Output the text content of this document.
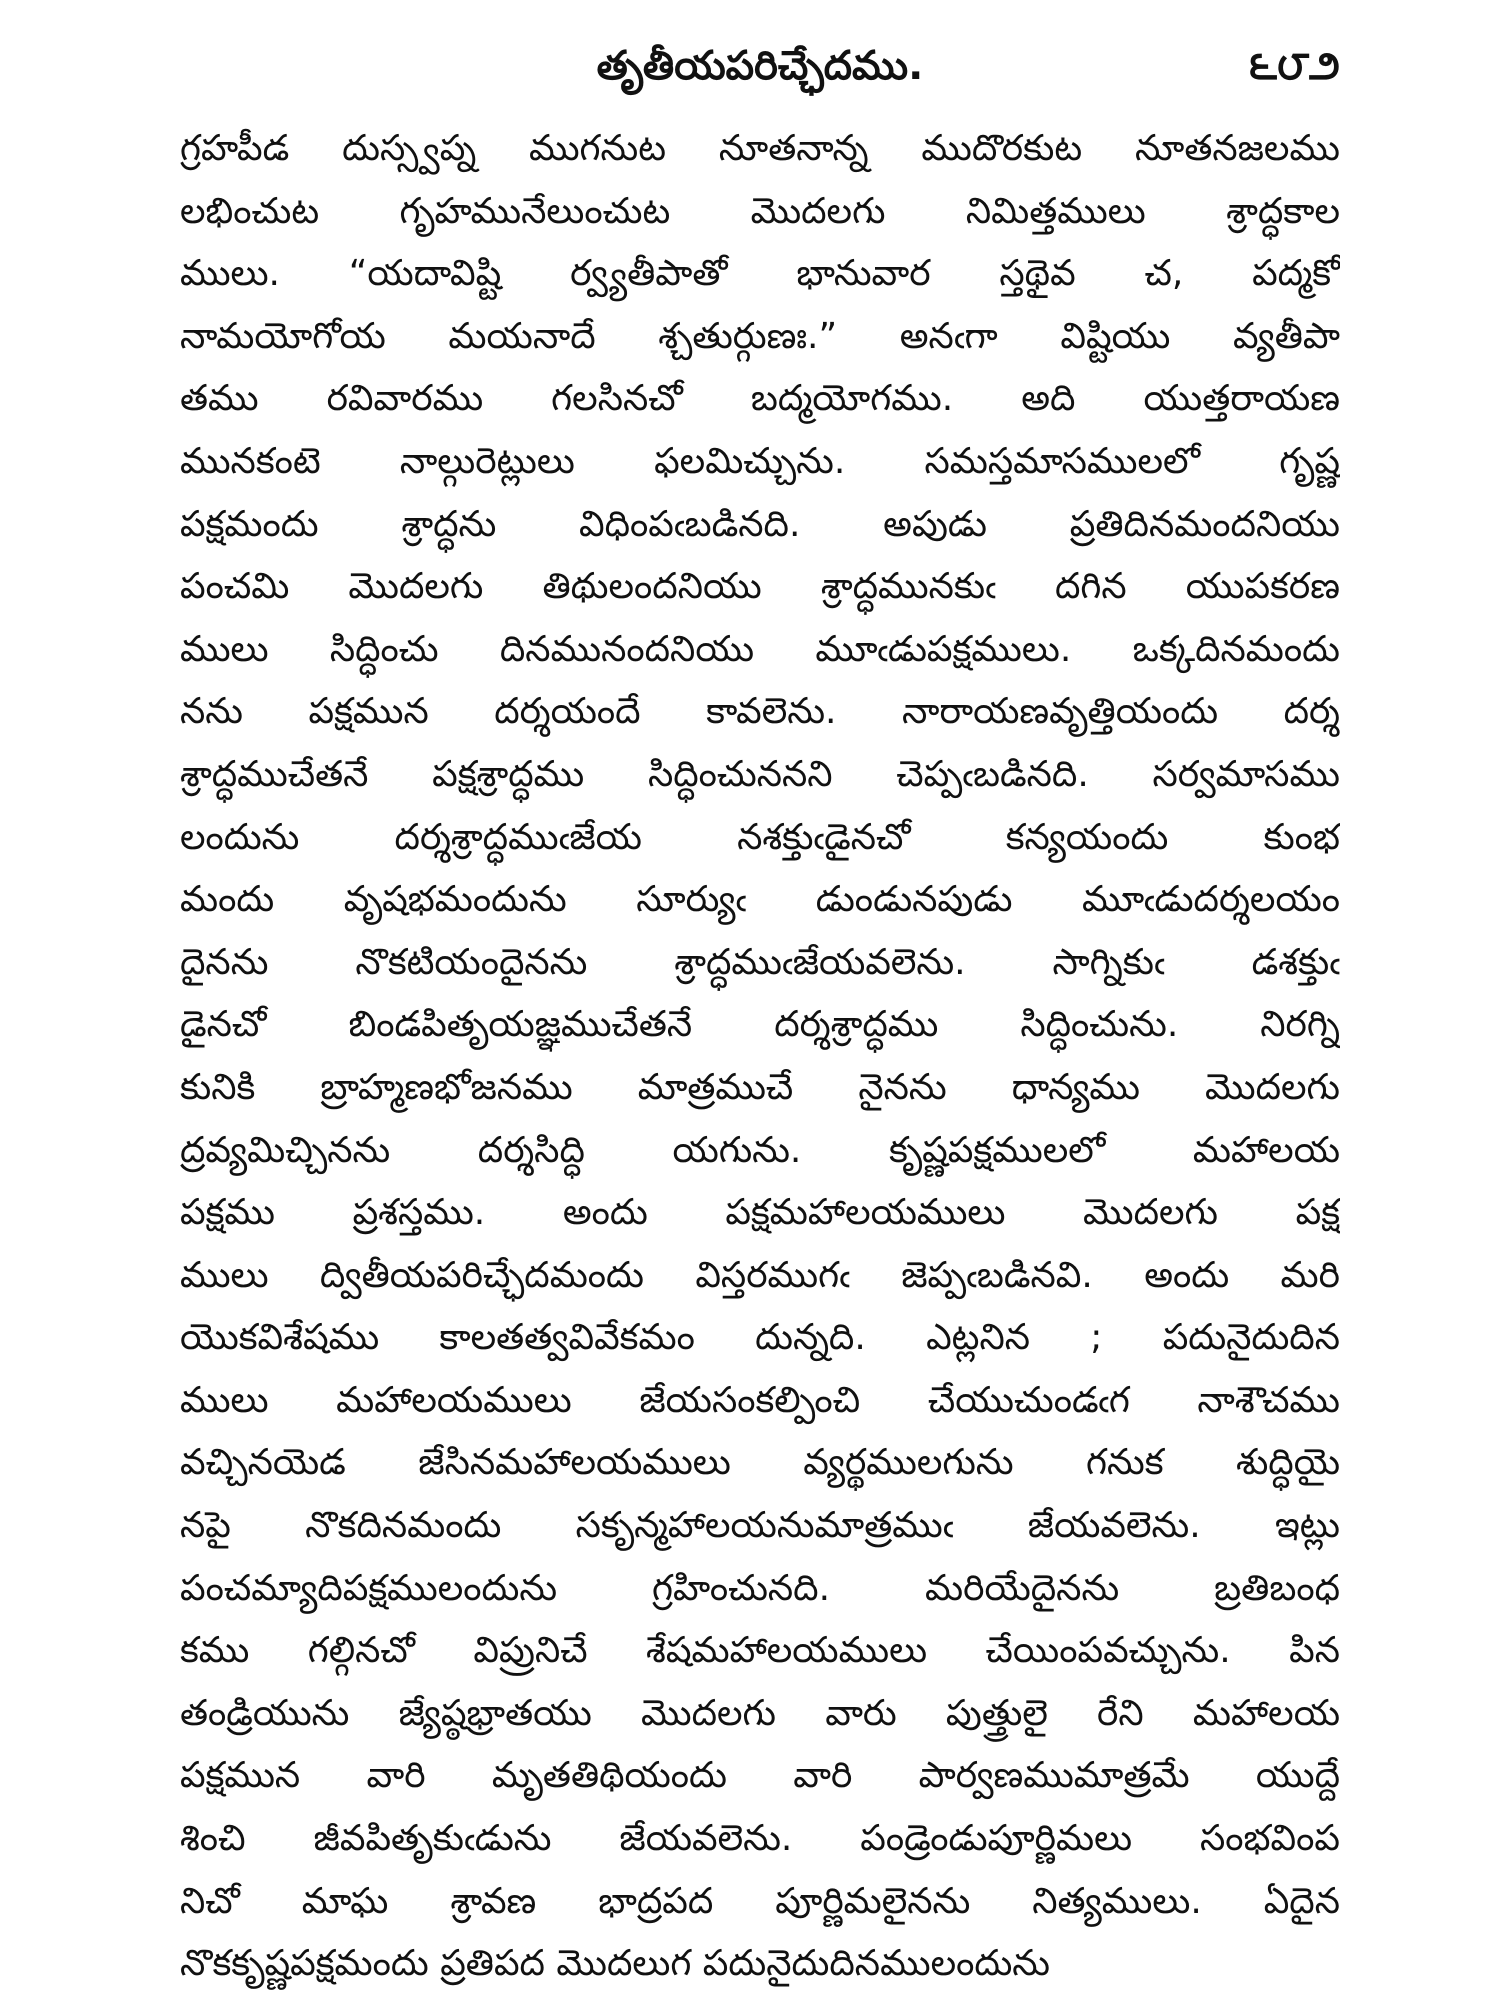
తృతీయపరిచ్ఛేదము.	౬౮౨
గ్రహపీడ దుస్స్వప్న ముగనుట నూతనాన్న ముదొరకుట నూతనజలము
లభించుట గృహమునేలుంచుట మొదలగు నిమిత్తములు శ్రాద్ధకాల
ములు. “యదావిష్టి ర్వ్యతీపాతో భానువార స్తథైవ చ, పద్మకో
నామయోగోయ మయనాదే శ్చతుర్గుణః.” అనఁగా విష్టియు వ్యతీపా
తము రవివారము గలసినచో బద్మయోగము. అది యుత్తరాయణ
మునకంటె నాల్గురెట్లులు ఫలమిచ్చును. సమస్తమాసములలో గృష్ణ
పక్షమందు శ్రాద్ధను విధింపఁబడినది. అపుడు ప్రతిదినమందనియు
పంచమి మొదలగు తిథులందనియు శ్రాద్ధమునకుఁ దగిన యుపకరణ
ములు సిద్ధించు దినమునందనియు మూఁడుపక్షములు. ఒక్కదినమందు
నను పక్షమున దర్శయందే కావలెను. నారాయణవృత్తియందు దర్శ
శ్రాద్ధముచేతనే పక్షశ్రాద్ధము సిద్ధించుననని చెప్పఁబడినది. సర్వమాసము
లందును దర్శశ్రాద్ధముఁజేయ నశక్తుఁడైనచో కన్యయందు కుంభ
మందు వృషభమందును సూర్యుఁ డుండునపుడు మూఁడుదర్శలయం
దైనను నొకటియందైనను శ్రాద్ధముఁజేయవలెను. సాగ్నికుఁ డశక్తుఁ
డైనచో బిండపితృయజ్ఞముచేతనే దర్శశ్రాద్ధము సిద్ధించును. నిరగ్ని
కునికి బ్రాహ్మణభోజనము మాత్రముచే నైనను ధాన్యము మొదలగు
ద్రవ్యమిచ్చినను దర్శసిద్ధి యగును. కృష్ణపక్షములలో మహాలయ
పక్షము ప్రశస్తము. అందు పక్షమహాలయములు మొదలగు పక్ష
ములు ద్వితీయపరిచ్ఛేదమందు విస్తరముగఁ జెప్పఁబడినవి. అందు మరి
యొకవిశేషము కాలతత్వవివేకమం దున్నది. ఎట్లనిన ; పదునైదుదిన
ములు మహాలయములు జేయసంకల్పించి చేయుచుండఁగ నాశౌచము
వచ్చినయెడ జేసినమహాలయములు వ్యర్థములగును గనుక శుద్ధియై
నపై నొకదినమందు సకృన్మహాలయనుమాత్రముఁ జేయవలెను. ఇట్లు
పంచమ్యాదిపక్షములందును గ్రహించునది. మరియేదైనను బ్రతిబంధ
కము గల్గినచో విప్రునిచే శేషమహాలయములు చేయింపవచ్చును. పిన
తండ్రియును జ్యేష్ఠభ్రాతయు మొదలగు వారు పుత్త్రులై రేని మహాలయ
పక్షమున వారి మృతతిథియందు వారి పార్వణముమాత్రమే యుద్దే
శించి జీవపితృకుఁడును జేయవలెను. పండ్రెండుపూర్ణిమలు సంభవింప
నిచో మాఘ శ్రావణ భాద్రపద పూర్ణిమలైనను నిత్యములు. ఏదైన
నొకకృష్ణపక్షమందు ప్రతిపద మొదలుగ పదునైదుదినములందును
